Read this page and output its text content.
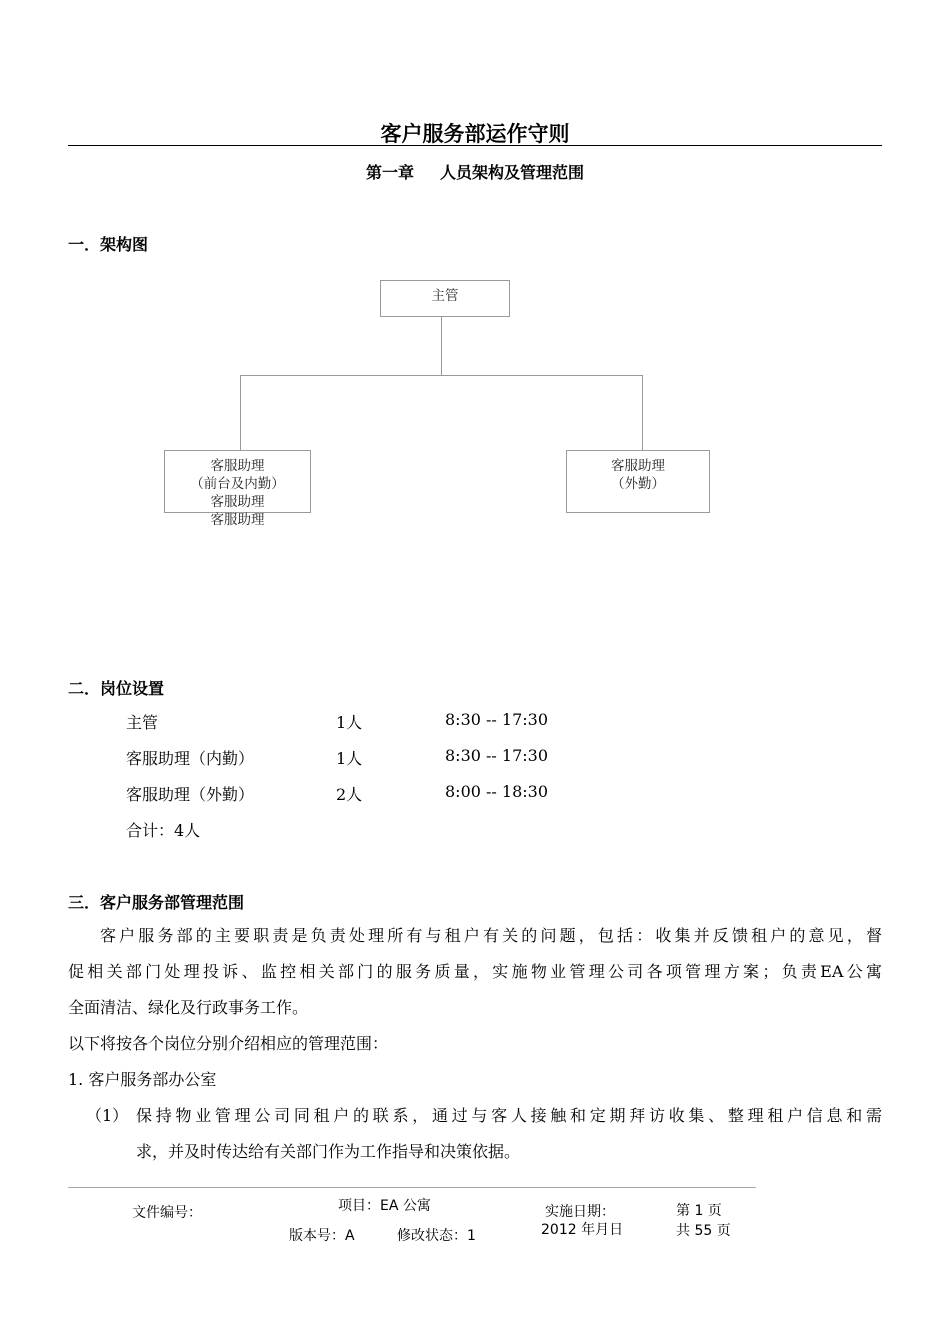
客户服务部运作守则
第一章 人员架构及管理范围
一．架构图
主管
客服助理
（前台及内勤）
客服助理
客服助理
客服助理
（外勤）
二．岗位设置
主管	1人	8:30 -- 17:30
客服助理（内勤）	1人	8:30 -- 17:30
客服助理（外勤）	2人	8:00 -- 18:30
合计：4人
三．客户服务部管理范围
客户服务部的主要职责是负责处理所有与租户有关的问题，包括：收集并反馈租户的意见，督
促相关部门处理投诉、监控相关部门的服务质量，实施物业管理公司各项管理方案；负责EA公寓
全面清洁、绿化及行政事务工作。
以下将按各个岗位分别介绍相应的管理范围：
1. 客户服务部办公室
（1） 保持物业管理公司同租户的联系，通过与客人接触和定期拜访收集、整理租户信息和需
求，并及时传达给有关部门作为工作指导和决策依据。
文件编号：	项目：EA 公寓
版本号：A	修改状态：1
实施日期：
2012 年月日
第 1 页
共 55 页
